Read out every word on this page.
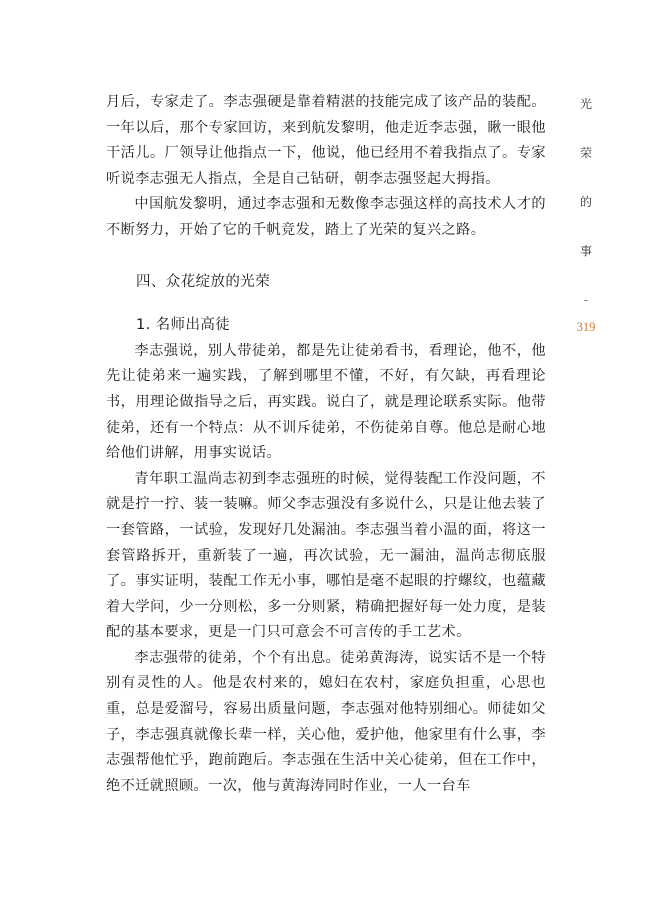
月后，专家走了。李志强硬是靠着精湛的技能完成了该产品的装配。一年以后，那个专家回访，来到航发黎明，他走近李志强，瞅一眼他干活儿。厂领导让他指点一下，他说，他已经用不着我指点了。专家听说李志强无人指点，全是自己钻研，朝李志强竖起大拇指。

中国航发黎明，通过李志强和无数像李志强这样的高技术人才的不断努力，开始了它的千帆竞发，踏上了光荣的复兴之路。

四、众花绽放的光荣

1. 名师出高徒

李志强说，别人带徒弟，都是先让徒弟看书，看理论，他不，他先让徒弟来一遍实践，了解到哪里不懂，不好，有欠缺，再看理论书，用理论做指导之后，再实践。说白了，就是理论联系实际。他带徒弟，还有一个特点：从不训斥徒弟，不伤徒弟自尊。他总是耐心地给他们讲解，用事实说话。

青年职工温尚志初到李志强班的时候，觉得装配工作没问题，不就是拧一拧、装一装嘛。师父李志强没有多说什么，只是让他去装了一套管路，一试验，发现好几处漏油。李志强当着小温的面，将这一套管路拆开，重新装了一遍，再次试验，无一漏油，温尚志彻底服了。事实证明，装配工作无小事，哪怕是毫不起眼的拧螺纹，也蕴藏着大学问，少一分则松，多一分则紧，精确把握好每一处力度，是装配的基本要求，更是一门只可意会不可言传的手工艺术。

李志强带的徒弟，个个有出息。徒弟黄海涛，说实话不是一个特别有灵性的人。他是农村来的，媳妇在农村，家庭负担重，心思也重，总是爱溜号，容易出质量问题，李志强对他特别细心。师徒如父子，李志强真就像长辈一样，关心他，爱护他，他家里有什么事，李志强帮他忙乎，跑前跑后。李志强在生活中关心徒弟，但在工作中，绝不迁就照顾。一次，他与黄海涛同时作业，一人一台车

光
荣
的
事
-
319
